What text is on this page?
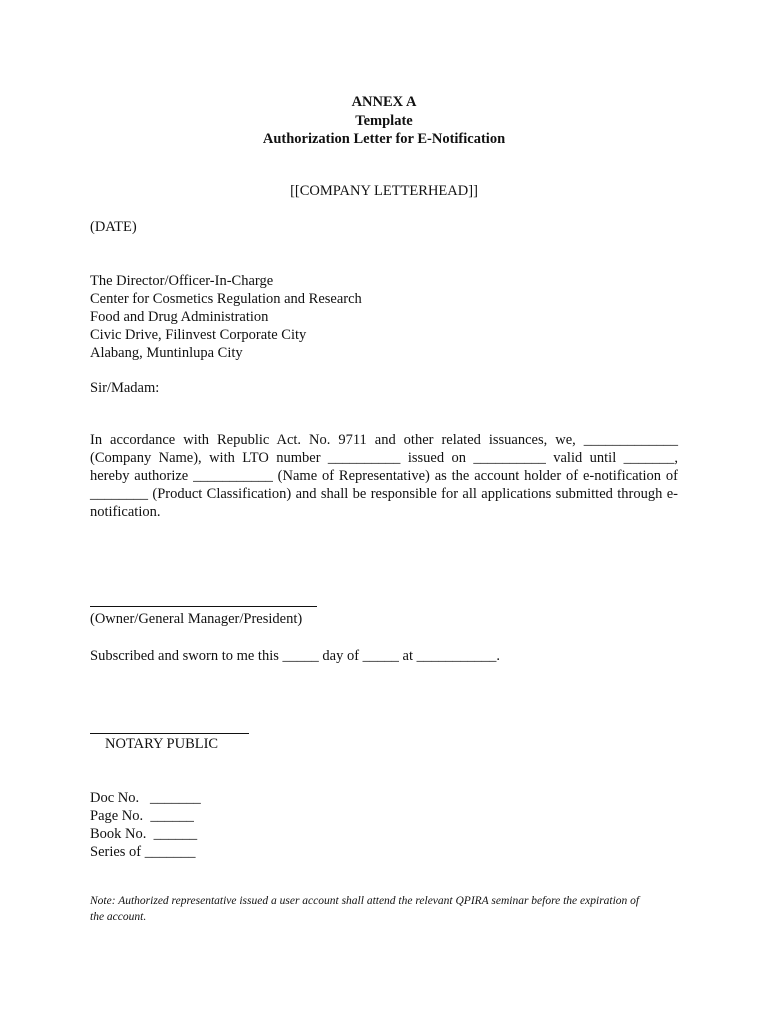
ANNEX A
Template
Authorization Letter for E-Notification
[[COMPANY LETTERHEAD]]
(DATE)
The Director/Officer-In-Charge
Center for Cosmetics Regulation and Research
Food and Drug Administration
Civic Drive, Filinvest Corporate City
Alabang, Muntinlupa City
Sir/Madam:
In accordance with Republic Act. No. 9711 and other related issuances, we, _____________ (Company Name), with LTO number __________ issued on __________ valid until _______, hereby authorize ___________ (Name of Representative) as the account holder of e-notification of ________ (Product Classification) and shall be responsible for all applications submitted through e-notification.
(Owner/General Manager/President)
Subscribed and sworn to me this _____ day of _____ at ___________.
NOTARY PUBLIC
Doc No.   _______
Page No.  ______
Book No.  ______
Series of _______
Note: Authorized representative issued a user account shall attend the relevant QPIRA seminar before the expiration of the account.
